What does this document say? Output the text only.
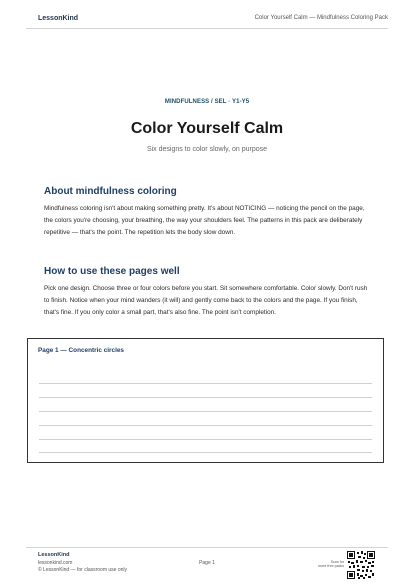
LessonKind	Color Yourself Calm — Mindfulness Coloring Pack
MINDFULNESS / SEL · Y1-Y5
Color Yourself Calm
Six designs to color slowly, on purpose
About mindfulness coloring

Mindfulness coloring isn't about making something pretty. It's about NOTICING — noticing the pencil on the page, the colors you're choosing, your breathing, the way your shoulders feel. The patterns in this pack are deliberately repetitive — that's the point. The repetition lets the body slow down.

How to use these pages well

Pick one design. Choose three or four colors before you start. Sit somewhere comfortable. Color slowly. Don't rush to finish. Notice when your mind wanders (it will) and gently come back to the colors and the page. If you finish, that's fine. If you only color a small part, that's also fine. The point isn't completion.

Page 1 — Concentric circles
LessonKind
lessonkind.com
© LessonKind — for classroom use only
Page 1	Scan for
more free packs
